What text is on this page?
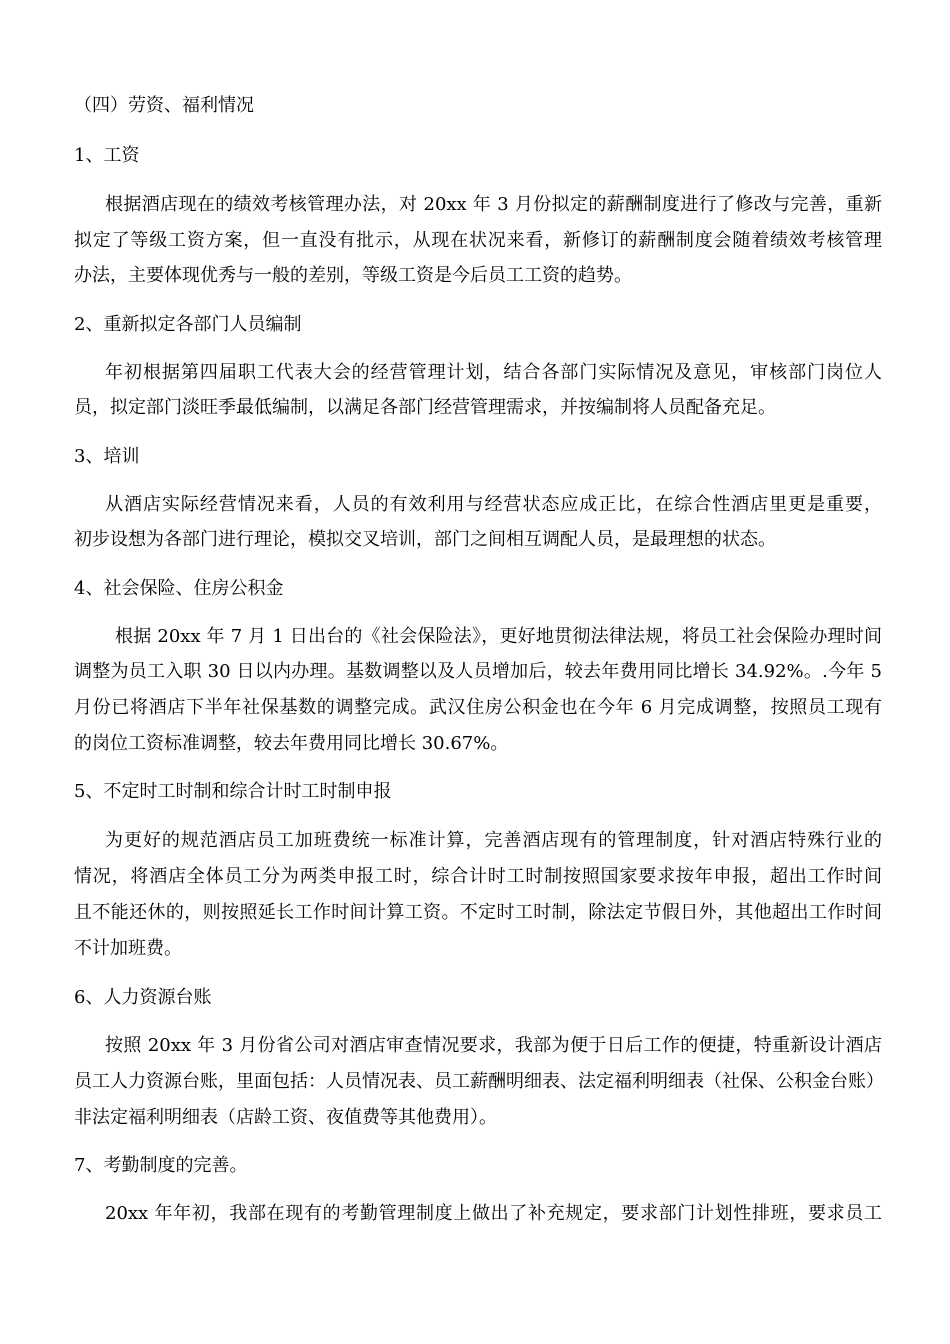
（四）劳资、福利情况
1、工资
根据酒店现在的绩效考核管理办法，对 20xx 年 3 月份拟定的薪酬制度进行了修改与完善，重新
拟定了等级工资方案，但一直没有批示，从现在状况来看，新修订的薪酬制度会随着绩效考核管理
办法，主要体现优秀与一般的差别，等级工资是今后员工工资的趋势。
2、重新拟定各部门人员编制
年初根据第四届职工代表大会的经营管理计划，结合各部门实际情况及意见，审核部门岗位人
员，拟定部门淡旺季最低编制，以满足各部门经营管理需求，并按编制将人员配备充足。
3、培训
从酒店实际经营情况来看，人员的有效利用与经营状态应成正比，在综合性酒店里更是重要，
初步设想为各部门进行理论，模拟交叉培训，部门之间相互调配人员，是最理想的状态。
4、社会保险、住房公积金
根据 20xx 年 7 月 1 日出台的《社会保险法》，更好地贯彻法律法规，将员工社会保险办理时间
调整为员工入职 30 日以内办理。基数调整以及人员增加后，较去年费用同比增长 34.92%。.今年 5
月份已将酒店下半年社保基数的调整完成。武汉住房公积金也在今年 6 月完成调整，按照员工现有
的岗位工资标准调整，较去年费用同比增长 30.67%。
5、不定时工时制和综合计时工时制申报
为更好的规范酒店员工加班费统一标准计算，完善酒店现有的管理制度，针对酒店特殊行业的
情况，将酒店全体员工分为两类申报工时，综合计时工时制按照国家要求按年申报，超出工作时间
且不能还休的，则按照延长工作时间计算工资。不定时工时制，除法定节假日外，其他超出工作时间
不计加班费。
6、人力资源台账
按照 20xx 年 3 月份省公司对酒店审查情况要求，我部为便于日后工作的便捷，特重新设计酒店
员工人力资源台账，里面包括：人员情况表、员工薪酬明细表、法定福利明细表（社保、公积金台账）
非法定福利明细表（店龄工资、夜值费等其他费用）。
7、考勤制度的完善。
20xx 年年初，我部在现有的考勤管理制度上做出了补充规定，要求部门计划性排班，要求员工
